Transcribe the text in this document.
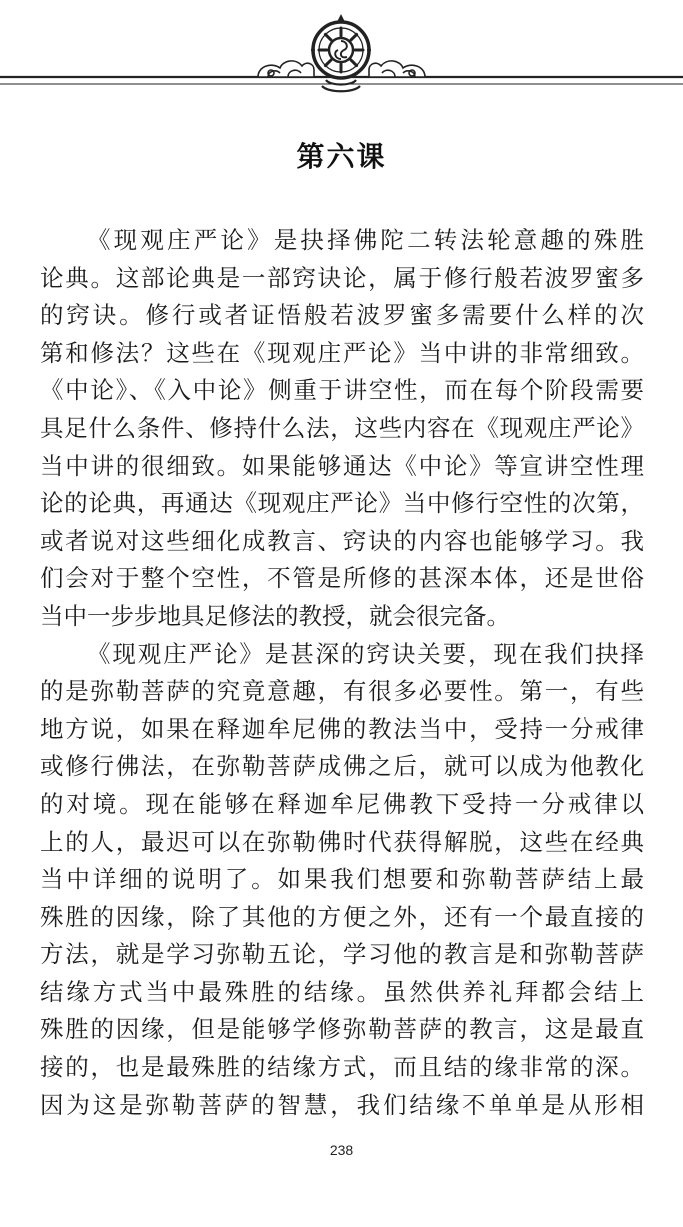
第六课
《现观庄严论》是抉择佛陀二转法轮意趣的殊胜
论典。这部论典是一部窍诀论，属于修行般若波罗蜜多
的窍诀。修行或者证悟般若波罗蜜多需要什么样的次
第和修法？这些在《现观庄严论》当中讲的非常细致。
《中论》、《入中论》侧重于讲空性，而在每个阶段需要
具足什么条件、修持什么法，这些内容在《现观庄严论》
当中讲的很细致。如果能够通达《中论》等宣讲空性理
论的论典，再通达《现观庄严论》当中修行空性的次第，
或者说对这些细化成教言、窍诀的内容也能够学习。我
们会对于整个空性，不管是所修的甚深本体，还是世俗
当中一步步地具足修法的教授，就会很完备。
《现观庄严论》是甚深的窍诀关要，现在我们抉择
的是弥勒菩萨的究竟意趣，有很多必要性。第一，有些
地方说，如果在释迦牟尼佛的教法当中，受持一分戒律
或修行佛法，在弥勒菩萨成佛之后，就可以成为他教化
的对境。现在能够在释迦牟尼佛教下受持一分戒律以
上的人，最迟可以在弥勒佛时代获得解脱，这些在经典
当中详细的说明了。如果我们想要和弥勒菩萨结上最
殊胜的因缘，除了其他的方便之外，还有一个最直接的
方法，就是学习弥勒五论，学习他的教言是和弥勒菩萨
结缘方式当中最殊胜的结缘。虽然供养礼拜都会结上
殊胜的因缘，但是能够学修弥勒菩萨的教言，这是最直
接的，也是最殊胜的结缘方式，而且结的缘非常的深。
因为这是弥勒菩萨的智慧，我们结缘不单单是从形相
238
